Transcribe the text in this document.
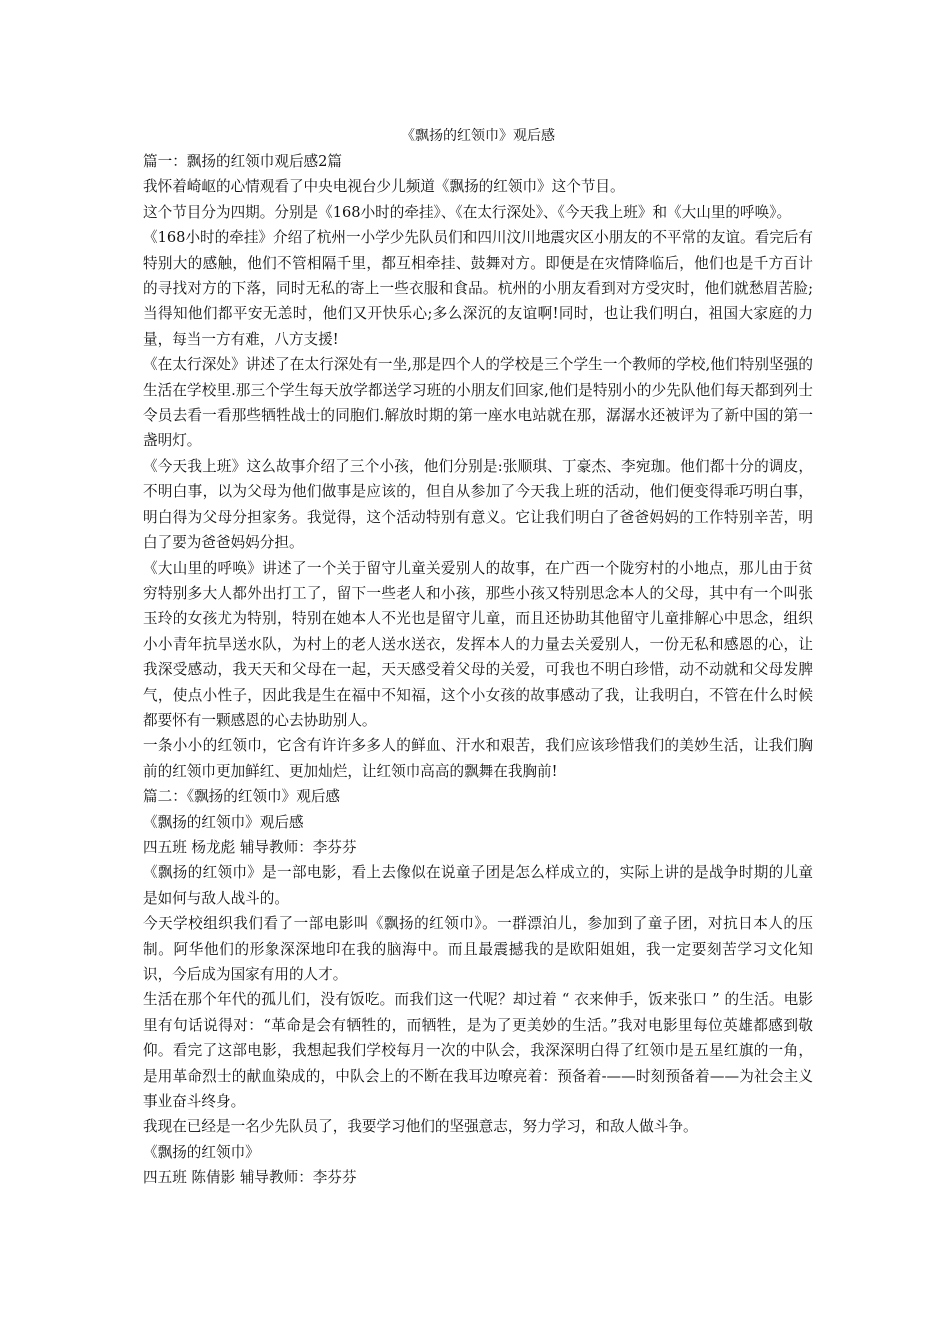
《飘扬的红领巾》观后感

篇一：飘扬的红领巾观后感2篇

我怀着崎岖的心情观看了中央电视台少儿频道《飘扬的红领巾》这个节目。

这个节目分为四期。分别是《168小时的牵挂》、《在太行深处》、《今天我上班》和《大山里的呼唤》。

《168小时的牵挂》介绍了杭州一小学少先队员们和四川汶川地震灾区小朋友的不平常的友谊。看完后有特别大的感触，他们不管相隔千里，都互相牵挂、鼓舞对方。即便是在灾情降临后，他们也是千方百计的寻找对方的下落，同时无私的寄上一些衣服和食品。杭州的小朋友看到对方受灾时，他们就愁眉苦脸;当得知他们都平安无恙时，他们又开快乐心;多么深沉的友谊啊!同时，也让我们明白，祖国大家庭的力量，每当一方有难，八方支援!

《在太行深处》讲述了在太行深处有一坐,那是四个人的学校是三个学生一个教师的学校,他们特别坚强的生活在学校里.那三个学生每天放学都送学习班的小朋友们回家,他们是特别小的少先队他们每天都到列士令员去看一看那些牺牲战士的同胞们.解放时期的第一座水电站就在那，潺潺水还被评为了新中国的第一盏明灯。

《今天我上班》这么故事介绍了三个小孩，他们分别是:张顺琪、丁豪杰、李宛珈。他们都十分的调皮，不明白事，以为父母为他们做事是应该的，但自从参加了今天我上班的活动，他们便变得乖巧明白事，明白得为父母分担家务。我觉得，这个活动特别有意义。它让我们明白了爸爸妈妈的工作特别辛苦，明白了要为爸爸妈妈分担。

《大山里的呼唤》讲述了一个关于留守儿童关爱别人的故事，在广西一个陇穷村的小地点，那儿由于贫穷特别多大人都外出打工了，留下一些老人和小孩，那些小孩又特别思念本人的父母，其中有一个叫张玉玲的女孩尤为特别，特别在她本人不光也是留守儿童，而且还协助其他留守儿童排解心中思念，组织小小青年抗旱送水队，为村上的老人送水送衣，发挥本人的力量去关爱别人，一份无私和感恩的心，让我深受感动，我天天和父母在一起，天天感受着父母的关爱，可我也不明白珍惜，动不动就和父母发脾气，使点小性子，因此我是生在福中不知福，这个小女孩的故事感动了我，让我明白，不管在什么时候都要怀有一颗感恩的心去协助别人。

一条小小的红领巾，它含有许许多多人的鲜血、汗水和艰苦，我们应该珍惜我们的美妙生活，让我们胸前的红领巾更加鲜红、更加灿烂，让红领巾高高的飘舞在我胸前!

篇二：《飘扬的红领巾》观后感

《飘扬的红领巾》观后感

四五班 杨龙彪 辅导教师：李芬芬

《飘扬的红领巾》是一部电影，看上去像似在说童子团是怎么样成立的，实际上讲的是战争时期的儿童是如何与敌人战斗的。

今天学校组织我们看了一部电影叫《飘扬的红领巾》。一群漂泊儿，参加到了童子团，对抗日本人的压制。阿华他们的形象深深地印在我的脑海中。而且最震撼我的是欧阳姐姐，我一定要刻苦学习文化知识，今后成为国家有用的人才。

生活在那个年代的孤儿们，没有饭吃。而我们这一代呢？却过着 “ 衣来伸手，饭来张口 ” 的生活。电影里有句话说得对：“革命是会有牺牲的，而牺牲，是为了更美妙的生活。”我对电影里每位英雄都感到敬仰。看完了这部电影，我想起我们学校每月一次的中队会，我深深明白得了红领巾是五星红旗的一角，是用革命烈士的献血染成的，中队会上的不断在我耳边嘹亮着：预备着-——时刻预备着——为社会主义事业奋斗终身。

我现在已经是一名少先队员了，我要学习他们的坚强意志，努力学习，和敌人做斗争。

《飘扬的红领巾》

四五班 陈倩影 辅导教师：李芬芬
